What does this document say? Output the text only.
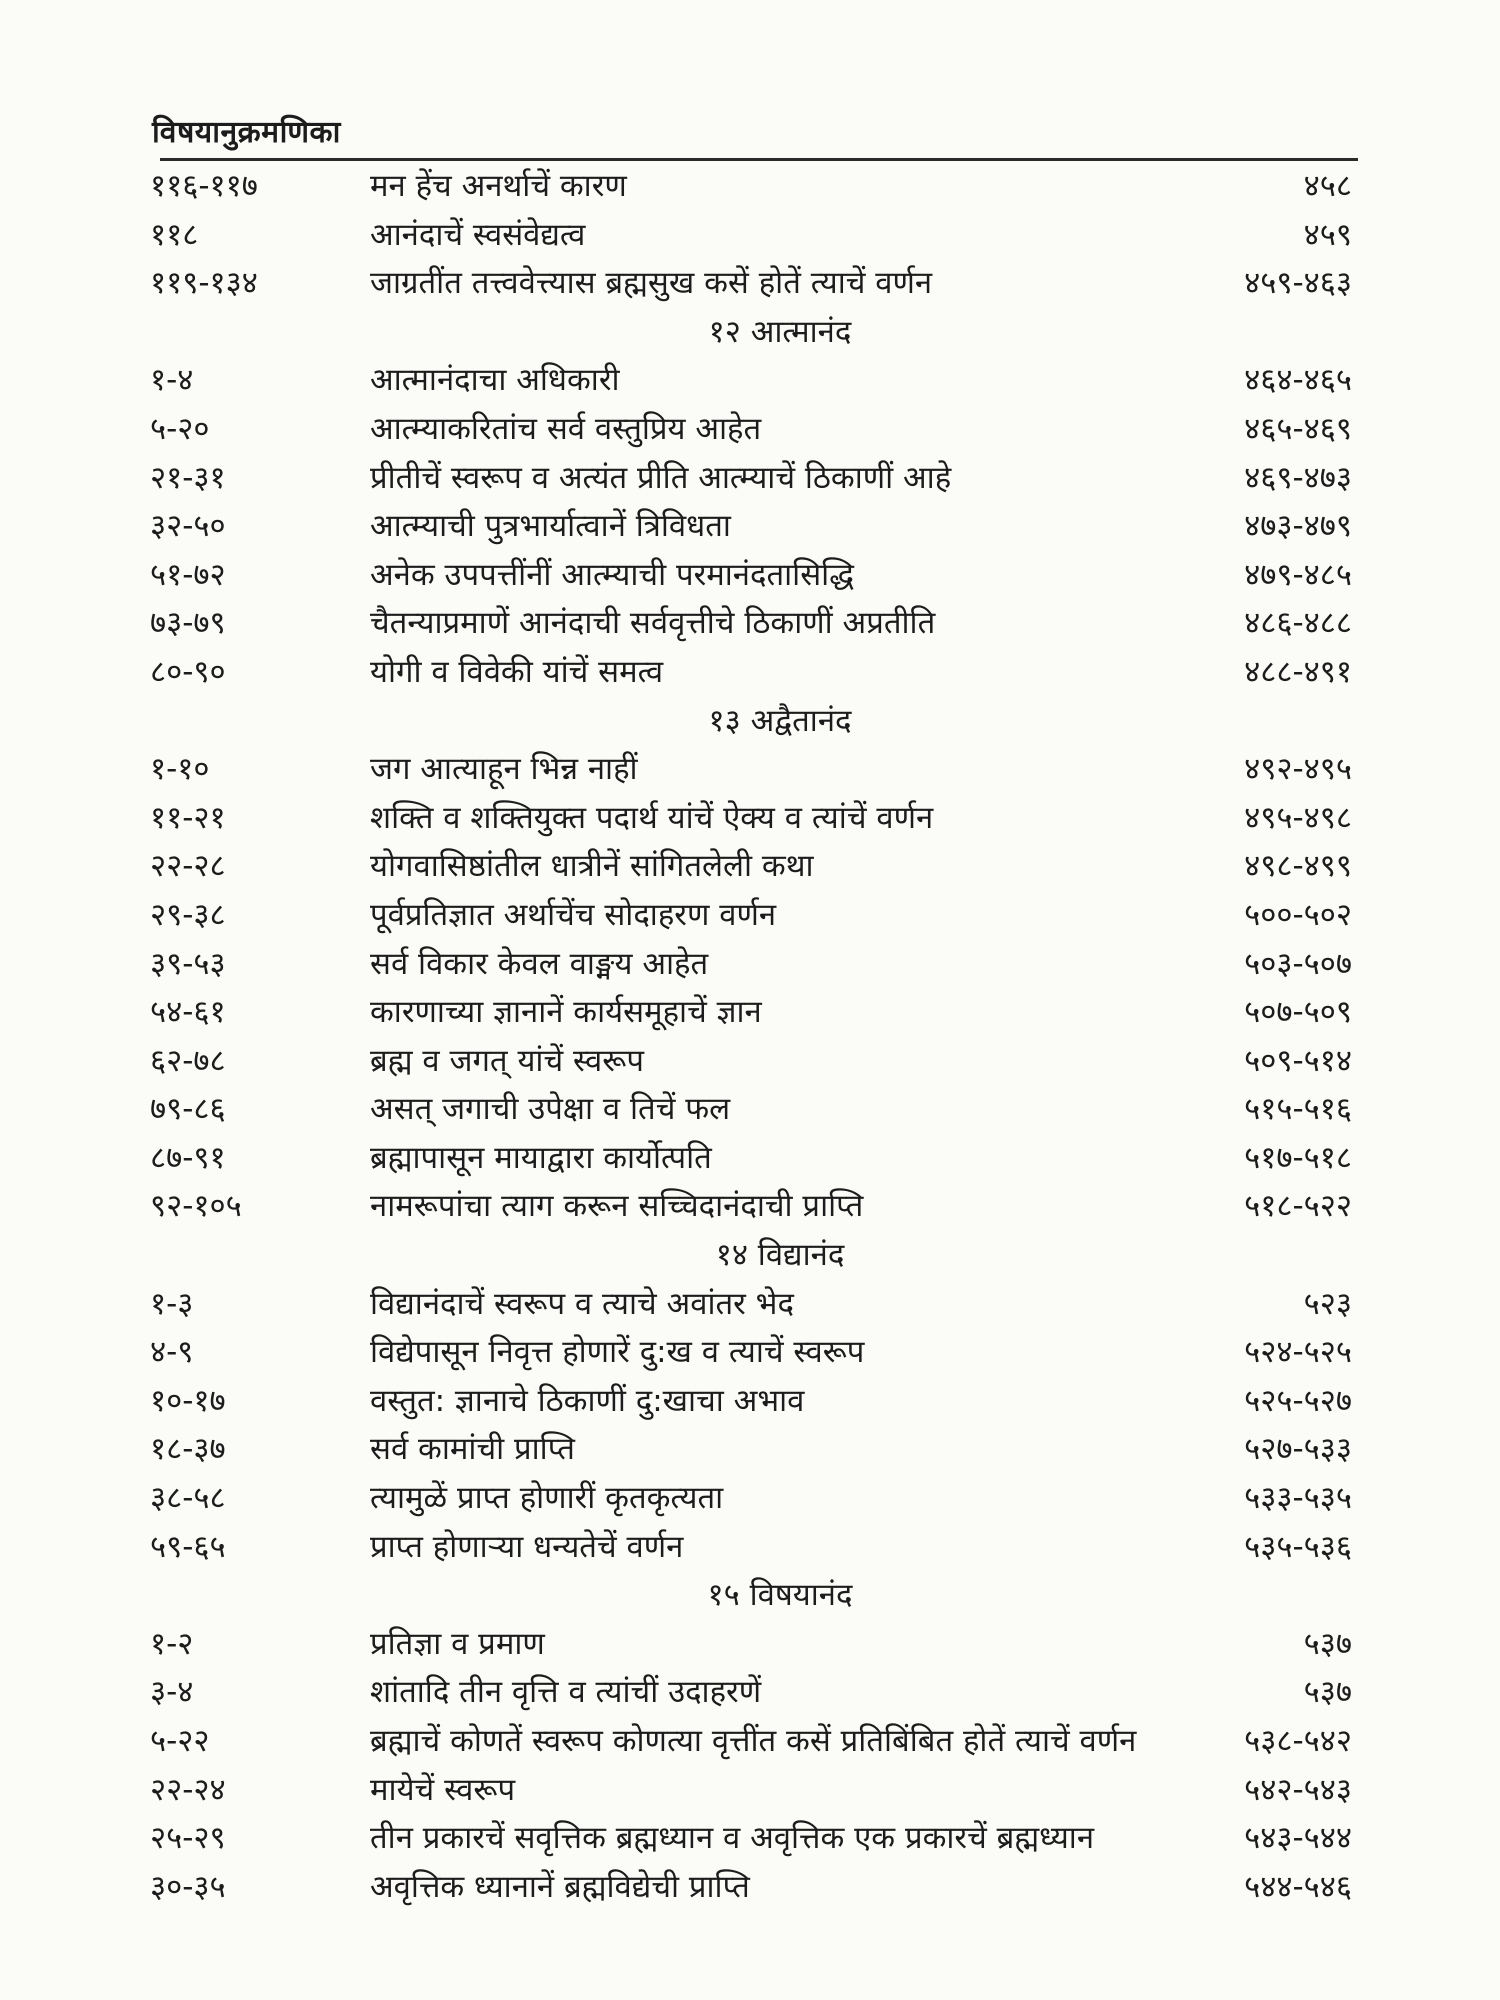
विषयानुक्रमणिका
११६-११७	मन हेंच अनर्थाचें कारण	४५८
११८	आनंदाचें स्वसंवेद्यत्व	४५९
११९-१३४	जाग्रतींत तत्त्ववेत्त्यास ब्रह्मसुख कसें होतें त्याचें वर्णन	४५९-४६३
१२ आत्मानंद
१-४	आत्मानंदाचा अधिकारी	४६४-४६५
५-२०	आत्म्याकरितांच सर्व वस्तुप्रिय आहेत	४६५-४६९
२१-३१	प्रीतीचें स्वरूप व अत्यंत प्रीति आत्म्याचें ठिकाणीं आहे	४६९-४७३
३२-५०	आत्म्याची पुत्रभार्यात्वानें त्रिविधता	४७३-४७९
५१-७२	अनेक उपपत्तींनीं आत्म्याची परमानंदतासिद्धि	४७९-४८५
७३-७९	चैतन्याप्रमाणें आनंदाची सर्ववृत्तीचे ठिकाणीं अप्रतीति	४८६-४८८
८०-९०	योगी व विवेकी यांचें समत्व	४८८-४९१
१३ अद्वैतानंद
१-१०	जग आत्याहून भिन्न नाहीं	४९२-४९५
११-२१	शक्ति व शक्तियुक्त पदार्थ यांचें ऐक्य व त्यांचें वर्णन	४९५-४९८
२२-२८	योगवासिष्ठांतील धात्रीनें सांगितलेली कथा	४९८-४९९
२९-३८	पूर्वप्रतिज्ञात अर्थाचेंच सोदाहरण वर्णन	५००-५०२
३९-५३	सर्व विकार केवल वाङ्मय आहेत	५०३-५०७
५४-६१	कारणाच्या ज्ञानानें कार्यसमूहाचें ज्ञान	५०७-५०९
६२-७८	ब्रह्म व जगत् यांचें स्वरूप	५०९-५१४
७९-८६	असत् जगाची उपेक्षा व तिचें फल	५१५-५१६
८७-९१	ब्रह्मापासून मायाद्वारा कार्योत्पति	५१७-५१८
९२-१०५	नामरूपांचा त्याग करून सच्चिदानंदाची प्राप्ति	५१८-५२२
१४ विद्यानंद
१-३	विद्यानंदाचें स्वरूप व त्याचे अवांतर भेद	५२३
४-९	विद्येपासून निवृत्त होणारें दु:ख व त्याचें स्वरूप	५२४-५२५
१०-१७	वस्तुत: ज्ञानाचे ठिकाणीं दु:खाचा अभाव	५२५-५२७
१८-३७	सर्व कामांची प्राप्ति	५२७-५३३
३८-५८	त्यामुळें प्राप्त होणारीं कृतकृत्यता	५३३-५३५
५९-६५	प्राप्त होणाऱ्या धन्यतेचें वर्णन	५३५-५३६
१५ विषयानंद
१-२	प्रतिज्ञा व प्रमाण	५३७
३-४	शांतादि तीन वृत्ति व त्यांचीं उदाहरणें	५३७
५-२२	ब्रह्माचें कोणतें स्वरूप कोणत्या वृत्तींत कसें प्रतिबिंबित होतें त्याचें वर्णन	५३८-५४२
२२-२४	मायेचें स्वरूप	५४२-५४३
२५-२९	तीन प्रकारचें सवृत्तिक ब्रह्मध्यान व अवृत्तिक एक प्रकारचें ब्रह्मध्यान	५४३-५४४
३०-३५	अवृत्तिक ध्यानानें ब्रह्मविद्येची प्राप्ति	५४४-५४६
